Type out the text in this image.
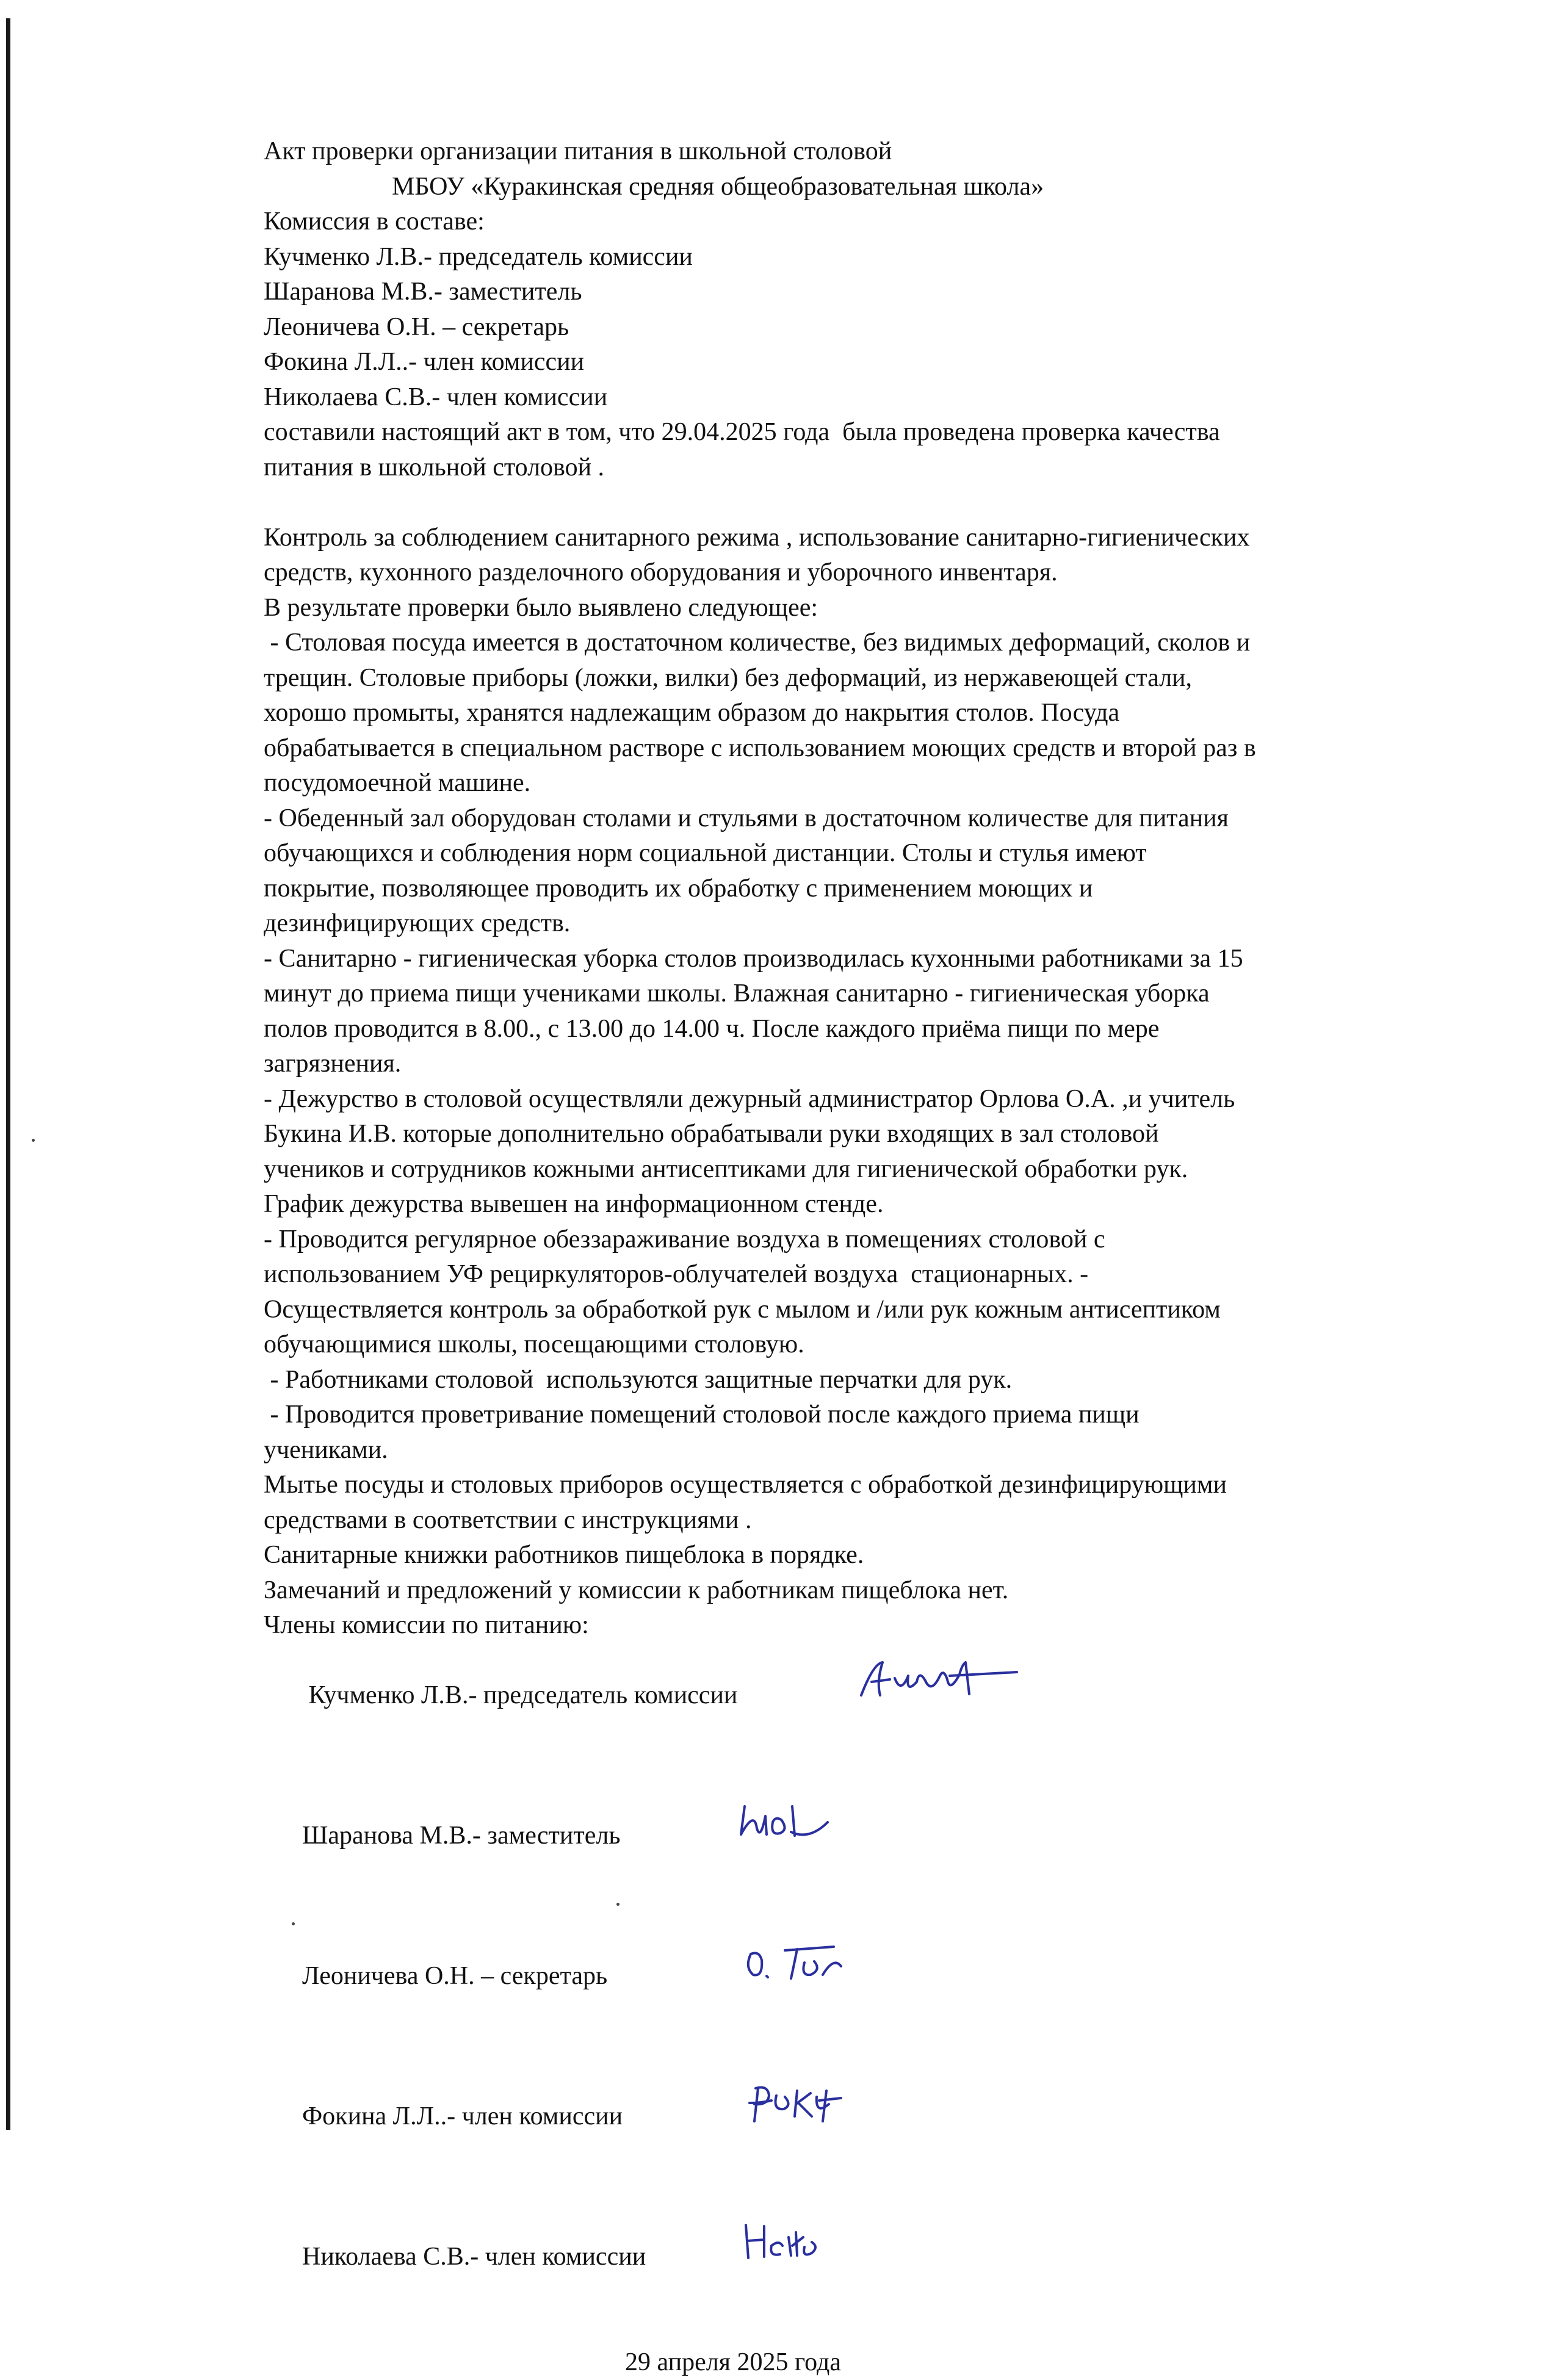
Акт проверки организации питания в школьной столовой
МБОУ «Куракинская средняя общеобразовательная школа»
Комиссия в составе:
Кучменко Л.В.- председатель комиссии
Шаранова М.В.- заместитель
Леоничева О.Н. – секретарь
Фокина Л.Л..- член комиссии
Николаева С.В.- член комиссии
составили настоящий акт в том, что 29.04.2025 года  была проведена проверка качества
питания в школьной столовой .
Контроль за соблюдением санитарного режима , использование санитарно-гигиенических
средств, кухонного разделочного оборудования и уборочного инвентаря.
В результате проверки было выявлено следующее:
- Столовая посуда имеется в достаточном количестве, без видимых деформаций, сколов и
трещин. Столовые приборы (ложки, вилки) без деформаций, из нержавеющей стали,
хорошо промыты, хранятся надлежащим образом до накрытия столов. Посуда
обрабатывается в специальном растворе с использованием моющих средств и второй раз в
посудомоечной машине.
- Обеденный зал оборудован столами и стульями в достаточном количестве для питания
обучающихся и соблюдения норм социальной дистанции. Столы и стулья имеют
покрытие, позволяющее проводить их обработку с применением моющих и
дезинфицирующих средств.
- Санитарно - гигиеническая уборка столов производилась кухонными работниками за 15
минут до приема пищи учениками школы. Влажная санитарно - гигиеническая уборка
полов проводится в 8.00., с 13.00 до 14.00 ч. После каждого приёма пищи по мере
загрязнения.
- Дежурство в столовой осуществляли дежурный администратор Орлова О.А. ,и учитель
Букина И.В. которые дополнительно обрабатывали руки входящих в зал столовой
учеников и сотрудников кожными антисептиками для гигиенической обработки рук.
График дежурства вывешен на информационном стенде.
- Проводится регулярное обеззараживание воздуха в помещениях столовой с
использованием УФ рециркуляторов-облучателей воздуха  стационарных. -
Осуществляется контроль за обработкой рук с мылом и /или рук кожным антисептиком
обучающимися школы, посещающими столовую.
- Работниками столовой  используются защитные перчатки для рук.
- Проводится проветривание помещений столовой после каждого приема пищи
учениками.
Мытье посуды и столовых приборов осуществляется с обработкой дезинфицирующими
средствами в соответствии с инструкциями .
Санитарные книжки работников пищеблока в порядке.
Замечаний и предложений у комиссии к работникам пищеблока нет.
Члены комиссии по питанию:

Кучменко Л.В.- председатель комиссии

Шаранова М.В.- заместитель

Леоничева О.Н. – секретарь

Фокина Л.Л..- член комиссии

Николаева С.В.- член комиссии

29 апреля 2025 года
